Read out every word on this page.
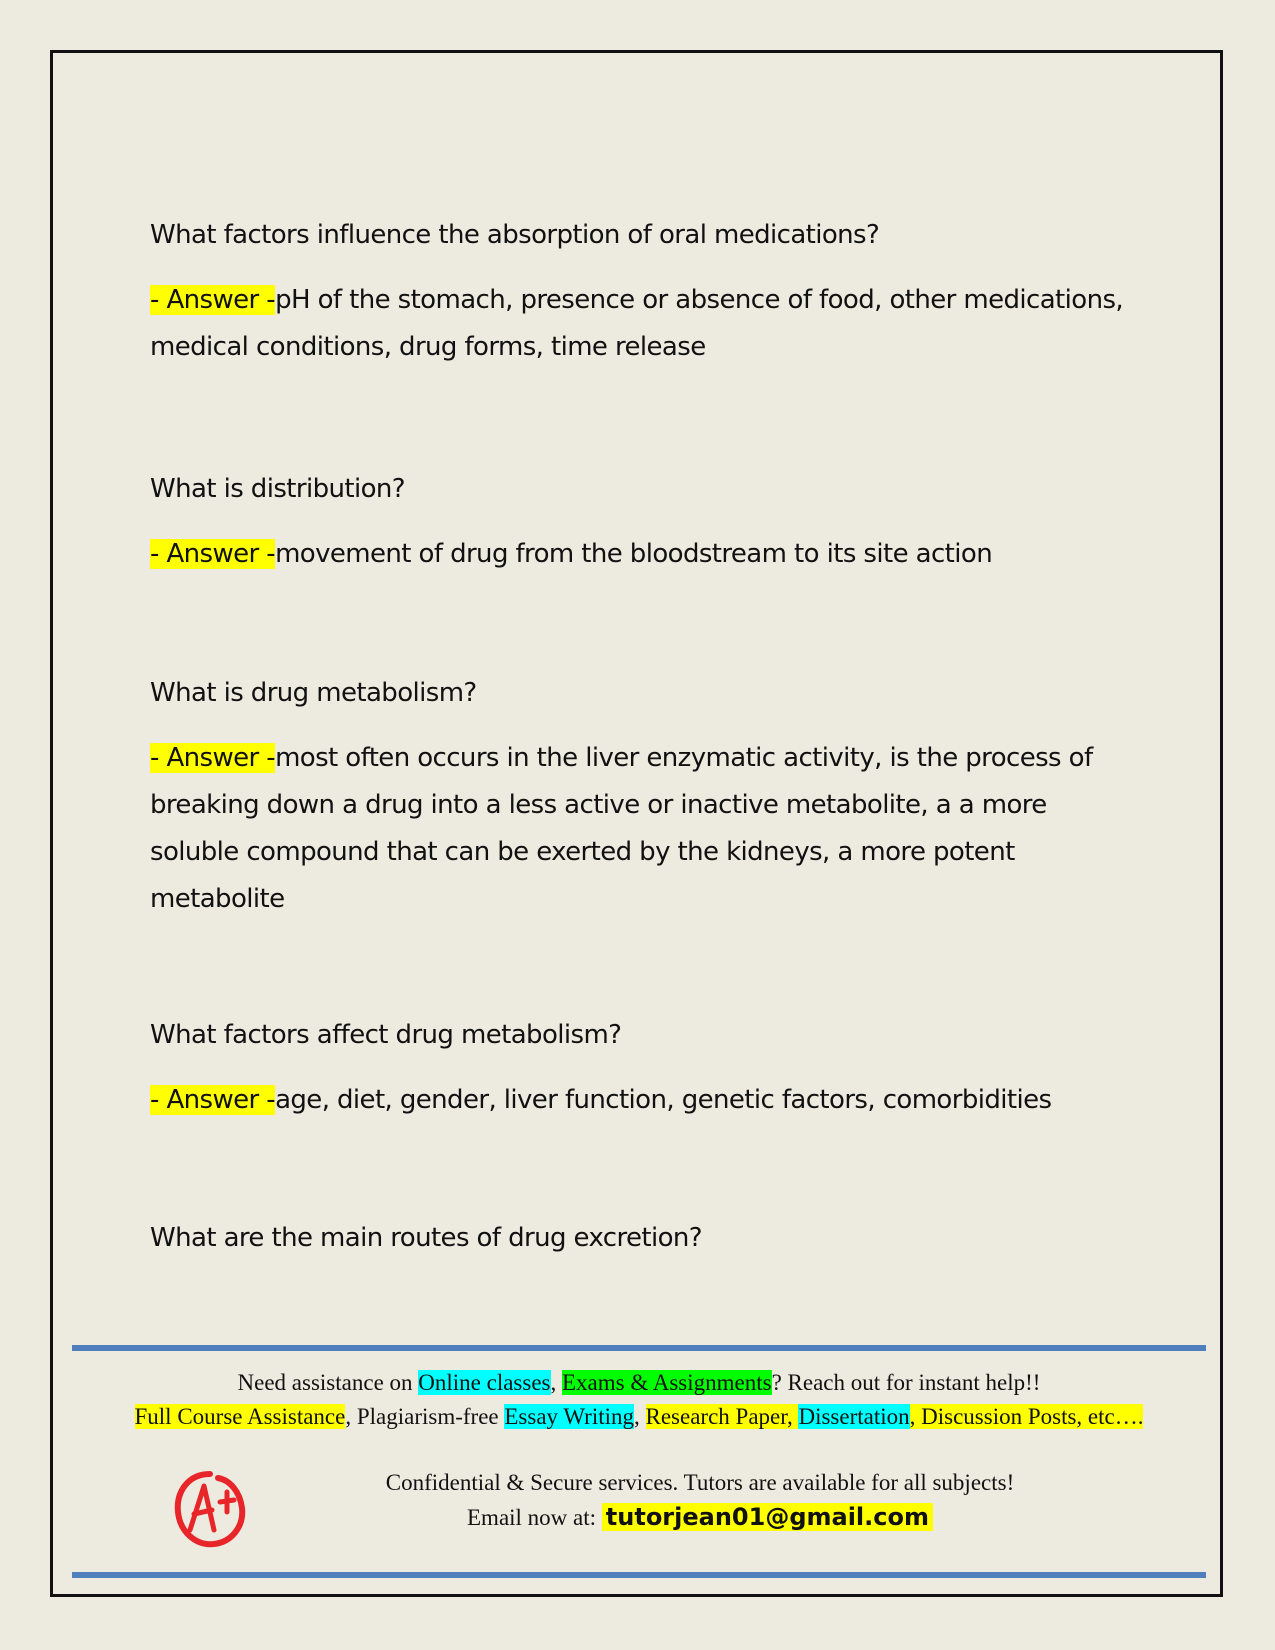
What factors influence the absorption of oral medications?

- Answer -pH of the stomach, presence or absence of food, other medications, medical conditions, drug forms, time release

What is distribution?

- Answer -movement of drug from the bloodstream to its site action

What is drug metabolism?

- Answer -most often occurs in the liver enzymatic activity, is the process of breaking down a drug into a less active or inactive metabolite, a a more soluble compound that can be exerted by the kidneys, a more potent metabolite

What factors affect drug metabolism?

- Answer -age, diet, gender, liver function, genetic factors, comorbidities

What are the main routes of drug excretion?

Need assistance on Online classes, Exams & Assignments? Reach out for instant help!!
Full Course Assistance, Plagiarism-free Essay Writing, Research Paper, Dissertation, Discussion Posts, etc….
Confidential & Secure services. Tutors are available for all subjects!
Email now at: tutorjean01@gmail.com
